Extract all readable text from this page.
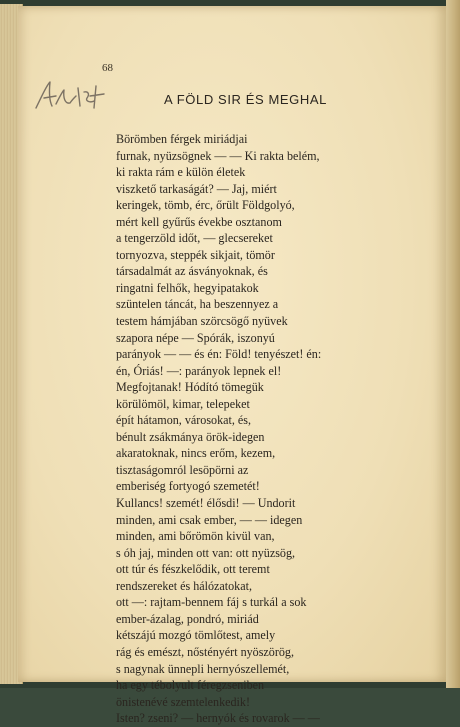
68
A FÖLD SIR ÉS MEGHAL
Börömben férgek miriádjai
furnak, nyüzsögnek — — Ki rakta belém,
ki rakta rám e külön életek
viszkető tarkaságát? — Jaj, miért
keringek, tömb, érc, őrült Földgolyó,
mért kell gyűrűs évekbe osztanom
a tengerzöld időt, — glecsereket
tornyozva, steppék sikjait, tömör
társadalmát az ásványoknak, és
ringatni felhők, hegyipatakok
szüntelen táncát, ha beszennyez a
testem hámjában szörcsögő nyüvek
szapora népe — Spórák, iszonyú
parányok — — és én: Föld! tenyészet! én:
én, Óriás! —: parányok lepnek el!
Megfojtanak! Hódító tömegük
körülömöl, kimar, telepeket
épít hátamon, városokat, és,
bénult zsákmánya örök-idegen
akaratoknak, nincs erőm, kezem,
tisztaságomról lesöpörni az
emberiség fortyogó szemetét!
Kullancs! szemét! élősdi! — Undorit
minden, ami csak ember, — — idegen
minden, ami bőrömön kivül van,
s óh jaj, minden ott van: ott nyüzsög,
ott túr és fészkelődik, ott teremt
rendszereket és hálózatokat,
ott —: rajtam-bennem fáj s turkál a sok
ember-ázalag, pondró, miriád
kétszájú mozgó tömlőtest, amely
rág és emészt, nőstényért nyöszörög,
s nagynak ünnepli hernyószellemét,
ha egy tébolyult féregzseniben
önistenévé szemtelenkedik!
Isten? zseni? — hernyók és rovarok — —
